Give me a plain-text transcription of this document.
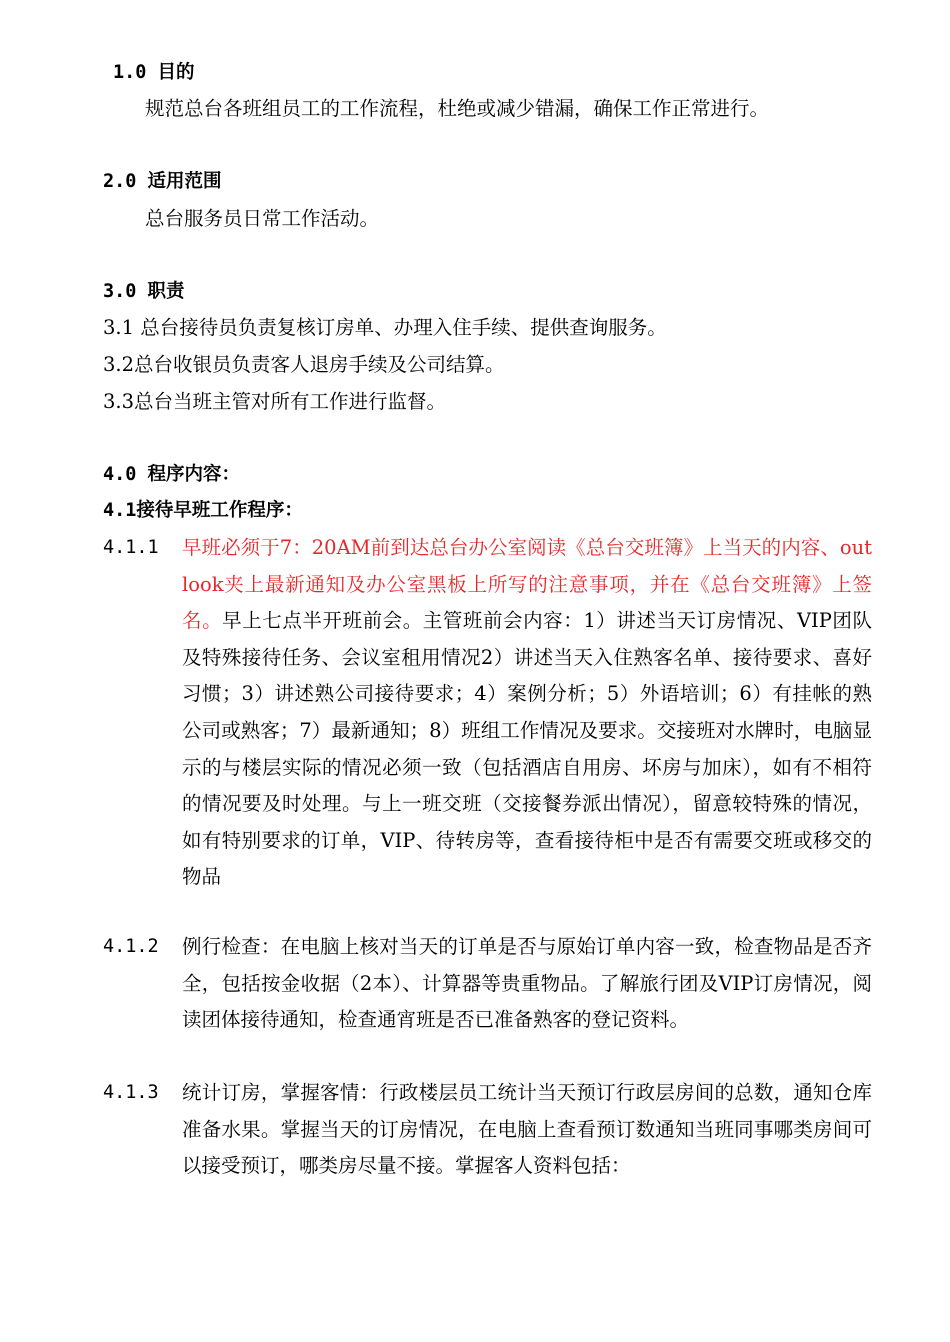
1.0 目的
规范总台各班组员工的工作流程，杜绝或减少错漏，确保工作正常进行。
2.0 适用范围
总台服务员日常工作活动。
3.0 职责
3.1 总台接待员负责复核订房单、办理入住手续、提供查询服务。
3.2总台收银员负责客人退房手续及公司结算。
3.3总台当班主管对所有工作进行监督。
4.0 程序内容：
4.1接待早班工作程序：
4.1.1 早班必须于7：20AM前到达总台办公室阅读《总台交班簿》上当天的内容、outlook夹上最新通知及办公室黑板上所写的注意事项，并在《总台交班簿》上签名。早上七点半开班前会。主管班前会内容：1）讲述当天订房情况、VIP团队及特殊接待任务、会议室租用情况2）讲述当天入住熟客名单、接待要求、喜好习惯；3）讲述熟公司接待要求；4）案例分析；5）外语培训；6）有挂帐的熟公司或熟客；7）最新通知；8）班组工作情况及要求。交接班对水牌时，电脑显示的与楼层实际的情况必须一致（包括酒店自用房、坏房与加床），如有不相符的情况要及时处理。与上一班交班（交接餐券派出情况），留意较特殊的情况，如有特别要求的订单，VIP、待转房等，查看接待柜中是否有需要交班或移交的物品
4.1.2 例行检查：在电脑上核对当天的订单是否与原始订单内容一致，检查物品是否齐全，包括按金收据（2本）、计算器等贵重物品。了解旅行团及VIP订房情况，阅读团体接待通知，检查通宵班是否已准备熟客的登记资料。
4.1.3 统计订房，掌握客情：行政楼层员工统计当天预订行政层房间的总数，通知仓库准备水果。掌握当天的订房情况，在电脑上查看预订数通知当班同事哪类房间可以接受预订，哪类房尽量不接。掌握客人资料包括：
